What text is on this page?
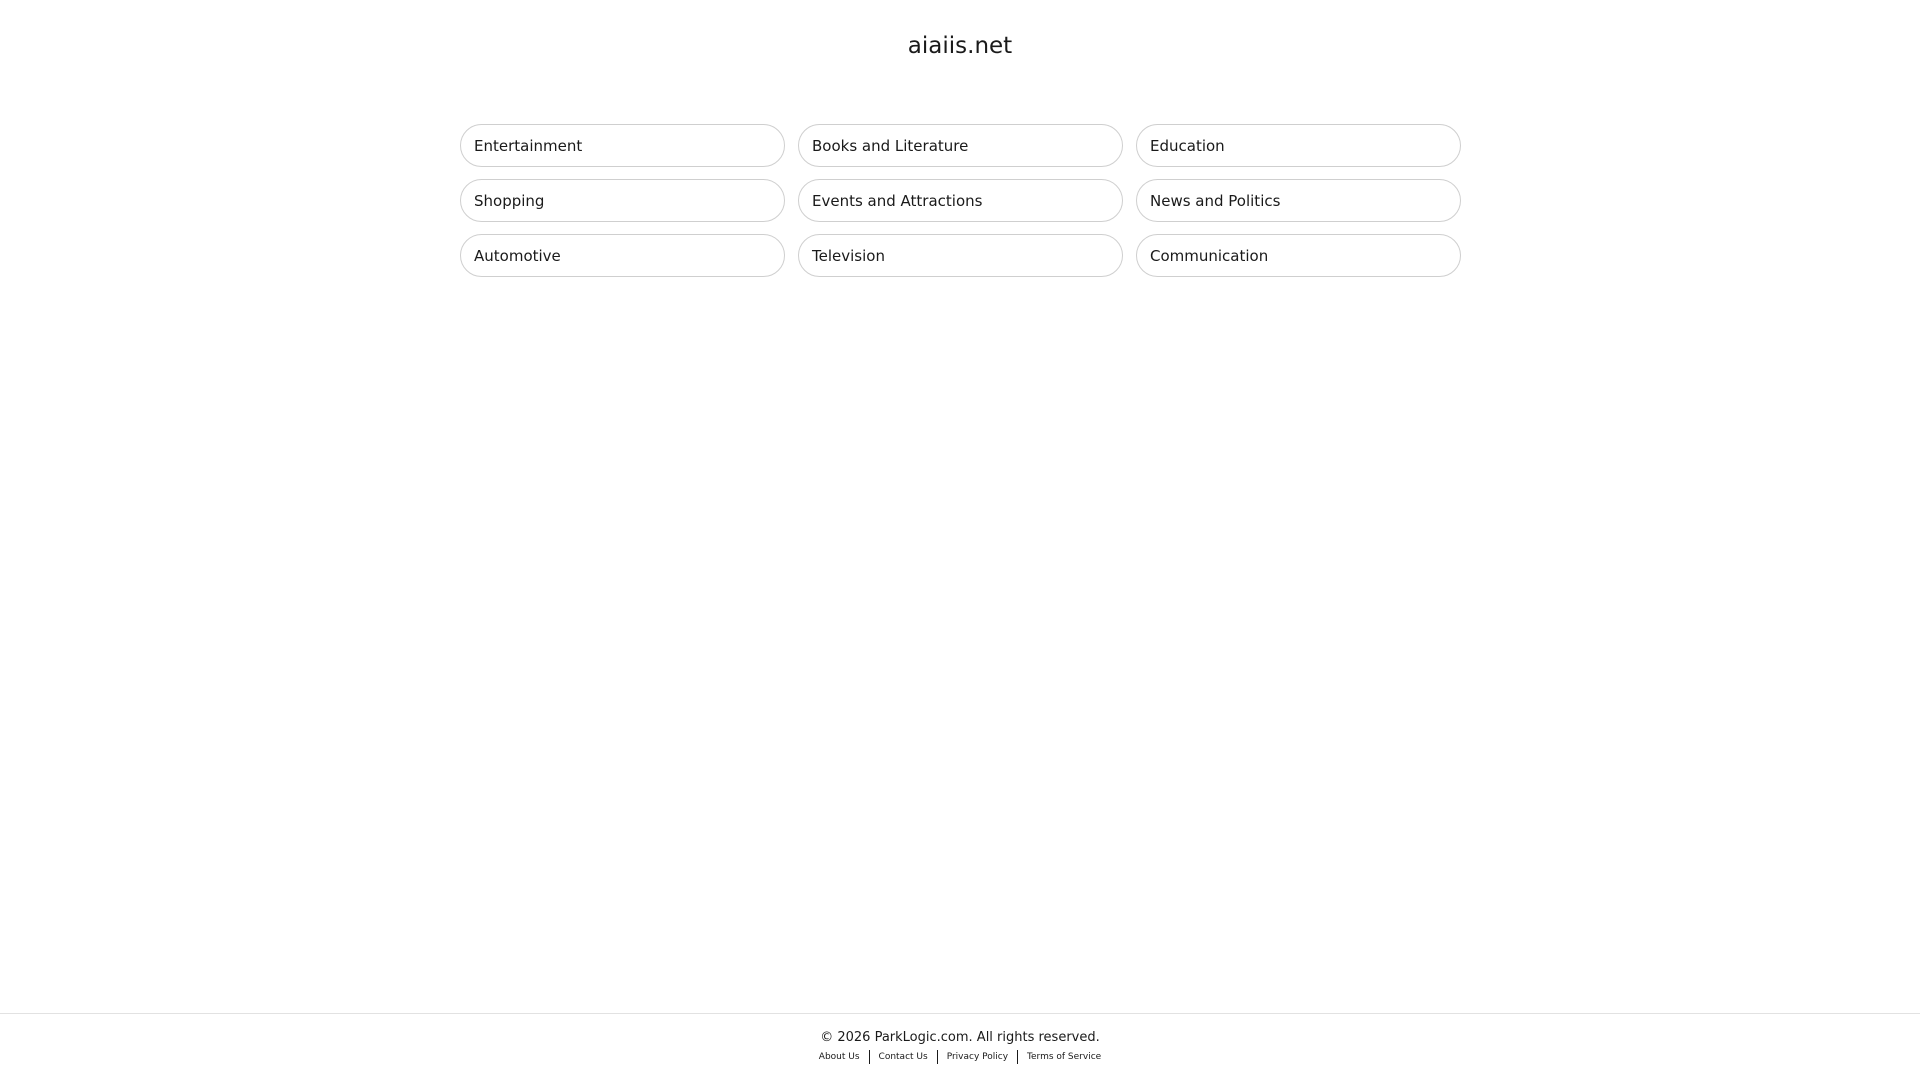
aiaiis.net
Entertainment	Books and Literature	Education
Shopping	Events and Attractions	News and Politics
Automotive	Television	Communication
© 2026 ParkLogic.com. All rights reserved.
About Us	Contact Us	Privacy Policy	Terms of Service
